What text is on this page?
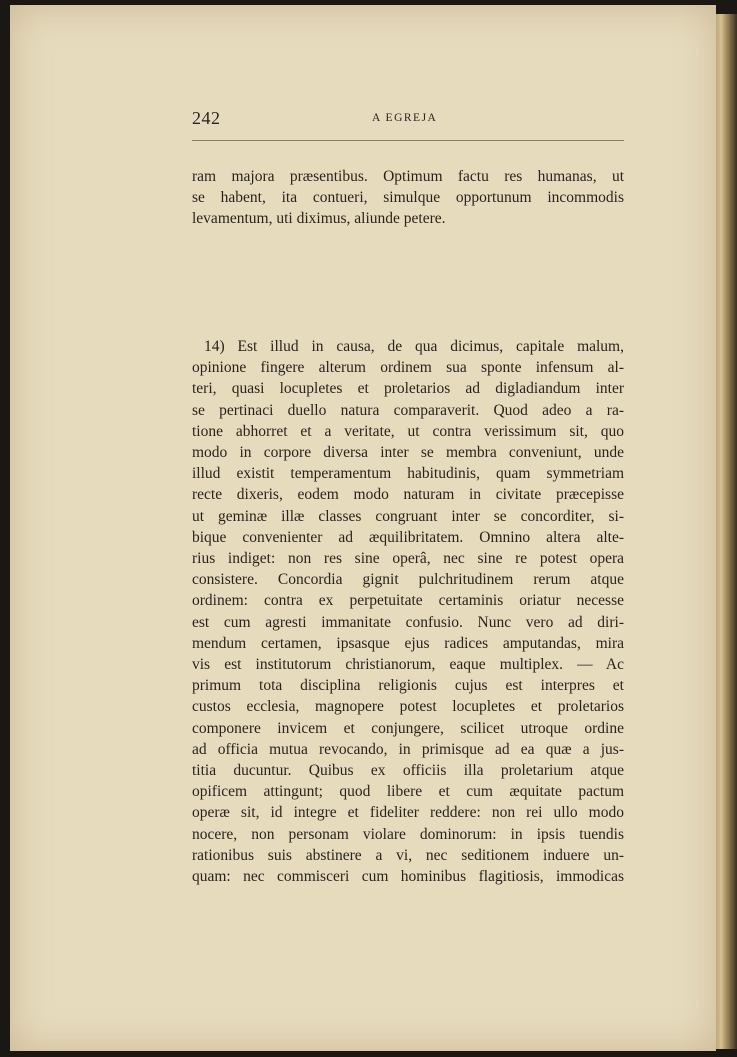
242	A EGREJA
ram majora præsentibus. Optimum factu res humanas, ut
se habent, ita contueri, simulque opportunum incommodis
levamentum, uti diximus, aliunde petere.
14) Est illud in causa, de qua dicimus, capitale malum,
opinione fingere alterum ordinem sua sponte infensum al-
teri, quasi locupletes et proletarios ad digladiandum inter
se pertinaci duello natura comparaverit. Quod adeo a ra-
tione abhorret et a veritate, ut contra verissimum sit, quo
modo in corpore diversa inter se membra conveniunt, unde
illud existit temperamentum habitudinis, quam symmetriam
recte dixeris, eodem modo naturam in civitate præcepisse
ut geminæ illæ classes congruant inter se concorditer, si-
bique convenienter ad æquilibritatem. Omnino altera alte-
rius indiget: non res sine operâ, nec sine re potest opera
consistere. Concordia gignit pulchritudinem rerum atque
ordinem: contra ex perpetuitate certaminis oriatur necesse
est cum agresti immanitate confusio. Nunc vero ad diri-
mendum certamen, ipsasque ejus radices amputandas, mira
vis est institutorum christianorum, eaque multiplex. — Ac
primum tota disciplina religionis cujus est interpres et
custos ecclesia, magnopere potest locupletes et proletarios
componere invicem et conjungere, scilicet utroque ordine
ad officia mutua revocando, in primisque ad ea quæ a jus-
titia ducuntur. Quibus ex officiis illa proletarium atque
opificem attingunt; quod libere et cum æquitate pactum
operæ sit, id integre et fideliter reddere: non rei ullo modo
nocere, non personam violare dominorum: in ipsis tuendis
rationibus suis abstinere a vi, nec seditionem induere un-
quam: nec commisceri cum hominibus flagitiosis, immodicas
